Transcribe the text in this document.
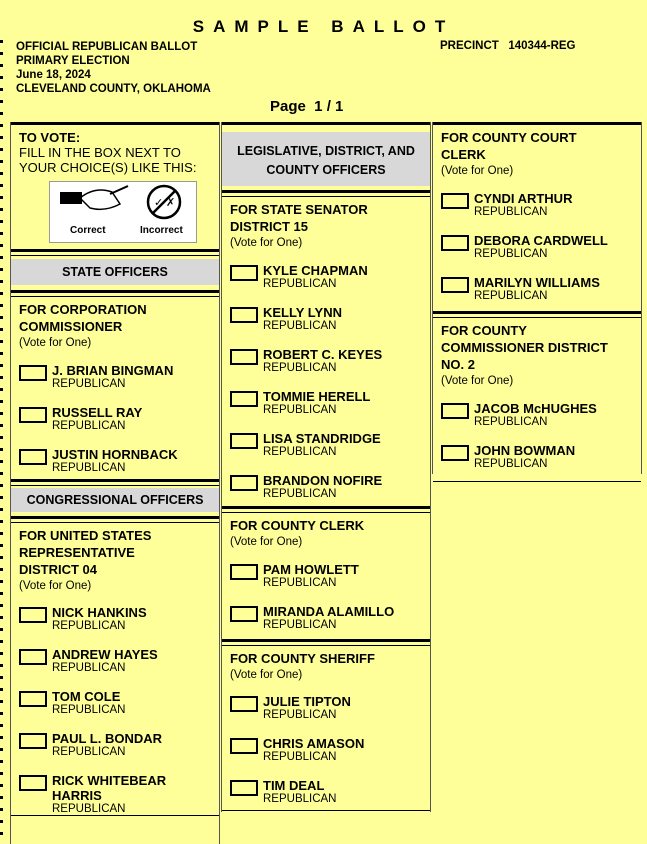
SAMPLE BALLOT
OFFICIAL REPUBLICAN BALLOT
PRIMARY ELECTION
June 18, 2024
CLEVELAND COUNTY, OKLAHOMA
PRECINCT   140344-REG
Page  1 / 1
TO VOTE:
FILL IN THE BOX NEXT TO YOUR CHOICE(S) LIKE THIS:
✓ ✗
Correct	Incorrect
STATE OFFICERS
FOR CORPORATION COMMISSIONER
(Vote for One)
J. BRIAN BINGMAN
REPUBLICAN
RUSSELL RAY
REPUBLICAN
JUSTIN HORNBACK
REPUBLICAN
CONGRESSIONAL OFFICERS
FOR UNITED STATES REPRESENTATIVE DISTRICT 04
(Vote for One)
NICK HANKINS
REPUBLICAN
ANDREW HAYES
REPUBLICAN
TOM COLE
REPUBLICAN
PAUL L. BONDAR
REPUBLICAN
RICK WHITEBEAR HARRIS
REPUBLICAN
LEGISLATIVE, DISTRICT, AND COUNTY OFFICERS
FOR STATE SENATOR DISTRICT 15
(Vote for One)
KYLE CHAPMAN
REPUBLICAN
KELLY LYNN
REPUBLICAN
ROBERT C. KEYES
REPUBLICAN
TOMMIE HERELL
REPUBLICAN
LISA STANDRIDGE
REPUBLICAN
BRANDON NOFIRE
REPUBLICAN
FOR COUNTY CLERK
(Vote for One)
PAM HOWLETT
REPUBLICAN
MIRANDA ALAMILLO
REPUBLICAN
FOR COUNTY SHERIFF
(Vote for One)
JULIE TIPTON
REPUBLICAN
CHRIS AMASON
REPUBLICAN
TIM DEAL
REPUBLICAN
FOR COUNTY COURT CLERK
(Vote for One)
CYNDI ARTHUR
REPUBLICAN
DEBORA CARDWELL
REPUBLICAN
MARILYN WILLIAMS
REPUBLICAN
FOR COUNTY COMMISSIONER DISTRICT NO. 2
(Vote for One)
JACOB McHUGHES
REPUBLICAN
JOHN BOWMAN
REPUBLICAN
